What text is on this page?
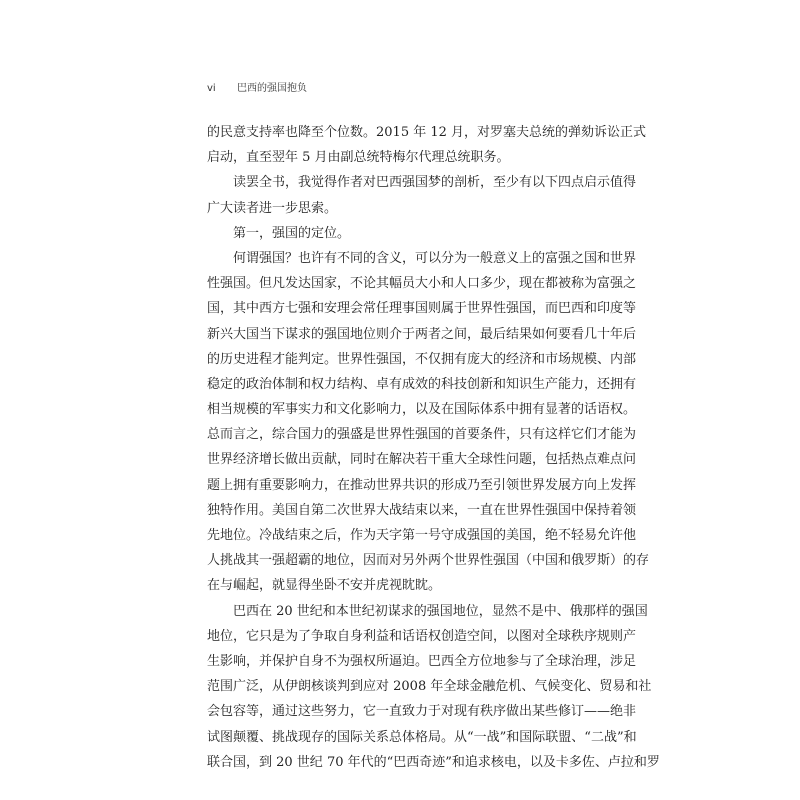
vi 巴西的强国抱负
的民意支持率也降至个位数。2015 年 12 月，对罗塞夫总统的弹劾诉讼正式
启动，直至翌年 5 月由副总统特梅尔代理总统职务。
　　读罢全书，我觉得作者对巴西强国梦的剖析，至少有以下四点启示值得
广大读者进一步思索。
　　第一，强国的定位。
　　何谓强国？也许有不同的含义，可以分为一般意义上的富强之国和世界
性强国。但凡发达国家，不论其幅员大小和人口多少，现在都被称为富强之
国，其中西方七强和安理会常任理事国则属于世界性强国，而巴西和印度等
新兴大国当下谋求的强国地位则介于两者之间，最后结果如何要看几十年后
的历史进程才能判定。世界性强国，不仅拥有庞大的经济和市场规模、内部
稳定的政治体制和权力结构、卓有成效的科技创新和知识生产能力，还拥有
相当规模的军事实力和文化影响力，以及在国际体系中拥有显著的话语权。
总而言之，综合国力的强盛是世界性强国的首要条件，只有这样它们才能为
世界经济增长做出贡献，同时在解决若干重大全球性问题，包括热点难点问
题上拥有重要影响力，在推动世界共识的形成乃至引领世界发展方向上发挥
独特作用。美国自第二次世界大战结束以来，一直在世界性强国中保持着领
先地位。冷战结束之后，作为天字第一号守成强国的美国，绝不轻易允许他
人挑战其一强超霸的地位，因而对另外两个世界性强国（中国和俄罗斯）的存
在与崛起，就显得坐卧不安并虎视眈眈。
　　巴西在 20 世纪和本世纪初谋求的强国地位，显然不是中、俄那样的强国
地位，它只是为了争取自身利益和话语权创造空间，以图对全球秩序规则产
生影响，并保护自身不为强权所逼迫。巴西全方位地参与了全球治理，涉足
范围广泛，从伊朗核谈判到应对 2008 年全球金融危机、气候变化、贸易和社
会包容等，通过这些努力，它一直致力于对现有秩序做出某些修订——绝非
试图颠覆、挑战现存的国际关系总体格局。从“一战”和国际联盟、“二战”和
联合国，到 20 世纪 70 年代的“巴西奇迹”和追求核电，以及卡多佐、卢拉和罗
